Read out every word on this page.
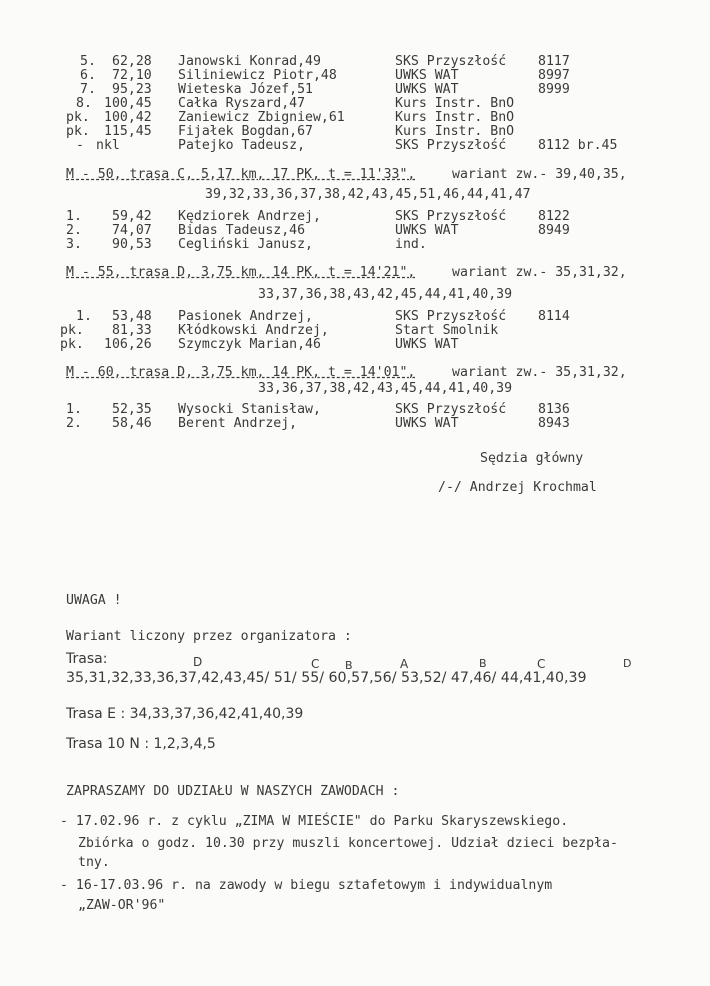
5. 62,28 Janowski Konrad,49	SKS Przyszłość 8117
6. 72,10 Siliniewicz Piotr,48	UWKS WAT	8997
7. 95,23 Wieteska Józef,51	UWKS WAT	8999
8. 100,45 Całka Ryszard,47	Kurs Instr. BnO
pk. 100,42 Zaniewicz Zbigniew,61	Kurs Instr. BnO
pk. 115,45 Fijałek Bogdan,67	Kurs Instr. BnO
- nkl	Patejko Tadeusz,	SKS Przyszłość 8112 br.45
M - 50, trasa C, 5,17 km, 17 PK, t = 11'33",	wariant zw.- 39,40,35,
39,32,33,36,37,38,42,43,45,51,46,44,41,47
1. 59,42 Kędziorek Andrzej,	SKS Przyszłość 8122
2. 74,07 Bidas Tadeusz,46	UWKS WAT	8949
3. 90,53 Cegliński Janusz,	ind.
M - 55, trasa D, 3,75 km, 14 PK, t = 14'21",	wariant zw.- 35,31,32,
33,37,36,38,43,42,45,44,41,40,39
1. 53,48 Pasionek Andrzej,	SKS Przyszłość 8114
pk. 81,33 Kłódkowski Andrzej,	Start Smolnik
pk. 106,26 Szymczyk Marian,46	UWKS WAT
M - 60, trasa D, 3,75 km, 14 PK, t = 14'01",	wariant zw.- 35,31,32,
33,36,37,38,42,43,45,44,41,40,39
1. 52,35 Wysocki Stanisław,	SKS Przyszłość 8136
2. 58,46 Berent Andrzej,	UWKS WAT	8943
Sędzia główny
/-/ Andrzej Krochmal
UWAGA !
Wariant liczony przez organizatora :
Trasa:	D	C B	A	B	C	D
35,31,32,33,36,37,42,43,45/ 51/ 55/ 60,57,56/ 53,52/ 47,46/ 44,41,40,39
Trasa E : 34,33,37,36,42,41,40,39
Trasa 10 N : 1,2,3,4,5
ZAPRASZAMY DO UDZIAŁU W NASZYCH ZAWODACH :
- 17.02.96 r. z cyklu „ZIMA W MIEŚCIE" do Parku Skaryszewskiego.
Zbiórka o godz. 10.30 przy muszli koncertowej. Udział dzieci bezpła-
tny.
- 16-17.03.96 r. na zawody w biegu sztafetowym i indywidualnym
„ZAW-OR'96"
